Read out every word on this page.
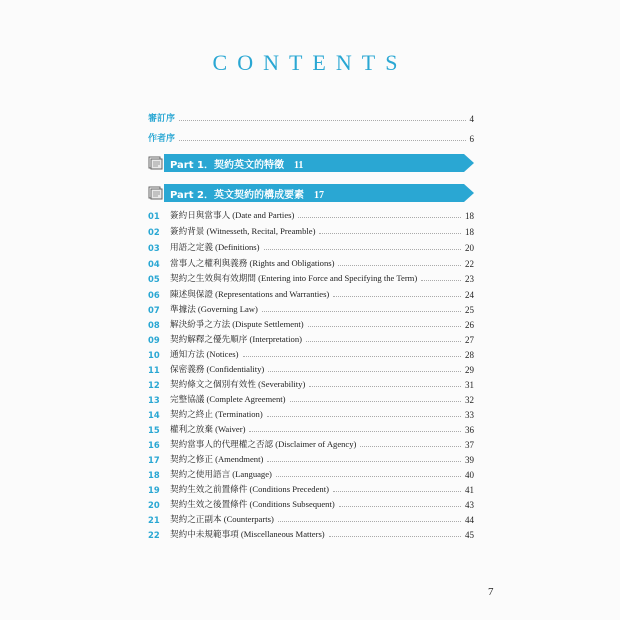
CONTENTS
審訂序	4
作者序	6
Part 1．契約英文的特徵 11
Part 2．英文契約的構成要素 17
01	簽約日與當事人 (Date and Parties)	18
02	簽約背景 (Witnesseth, Recital, Preamble)	18
03	用語之定義 (Definitions)	20
04	當事人之權利與義務 (Rights and Obligations)	22
05	契約之生效與有效期間 (Entering into Force and Specifying the Term)	23
06	陳述與保證 (Representations and Warranties)	24
07	準據法 (Governing Law)	25
08	解決紛爭之方法 (Dispute Settlement)	26
09	契約解釋之優先順序 (Interpretation)	27
10	通知方法 (Notices)	28
11	保密義務 (Confidentiality)	29
12	契約條文之個別有效性 (Severability)	31
13	完整協議 (Complete Agreement)	32
14	契約之終止 (Termination)	33
15	權利之放棄 (Waiver)	36
16	契約當事人的代理權之否認 (Disclaimer of Agency)	37
17	契約之修正 (Amendment)	39
18	契約之使用語言 (Language)	40
19	契約生效之前置條件 (Conditions Precedent)	41
20	契約生效之後置條件 (Conditions Subsequent)	43
21	契約之正副本 (Counterparts)	44
22	契約中未規範事項 (Miscellaneous Matters)	45
7
